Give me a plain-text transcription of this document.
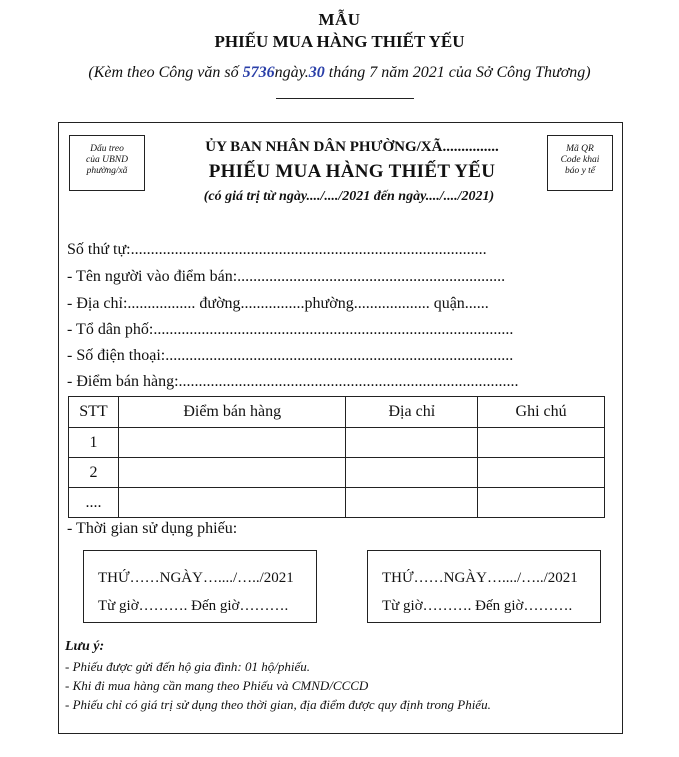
MẪU
PHIẾU MUA HÀNG THIẾT YẾU
(Kèm theo Công văn số 5736ngày.30 tháng 7 năm 2021 của Sở Công Thương)
Dấu treo
của UBND
phường/xã
Mã QR
Code khai
báo y tế
ỦY BAN NHÂN DÂN PHƯỜNG/XÃ...............
PHIẾU MUA HÀNG THIẾT YẾU
(có giá trị từ ngày..../..../2021 đến ngày..../..../2021)
Số thứ tự:.........................................................................................
- Tên người vào điểm bán:...................................................................
- Địa chỉ:................. đường................phường................... quận......
- Tổ dân phố:..........................................................................................
- Số điện thoại:.......................................................................................
- Điểm bán hàng:.....................................................................................
STT	Điểm bán hàng	Địa chỉ	Ghi chú
1			
2			
....			
- Thời gian sử dụng phiếu:
THỨ……NGÀY…..../…../2021
Từ giờ………. Đến giờ……….
THỨ……NGÀY…..../…../2021
Từ giờ………. Đến giờ……….
Lưu ý:
- Phiếu được gửi đến hộ gia đình: 01 hộ/phiếu.
- Khi đi mua hàng cần mang theo Phiếu và CMND/CCCD
- Phiếu chỉ có giá trị sử dụng theo thời gian, địa điểm được quy định trong Phiếu.
